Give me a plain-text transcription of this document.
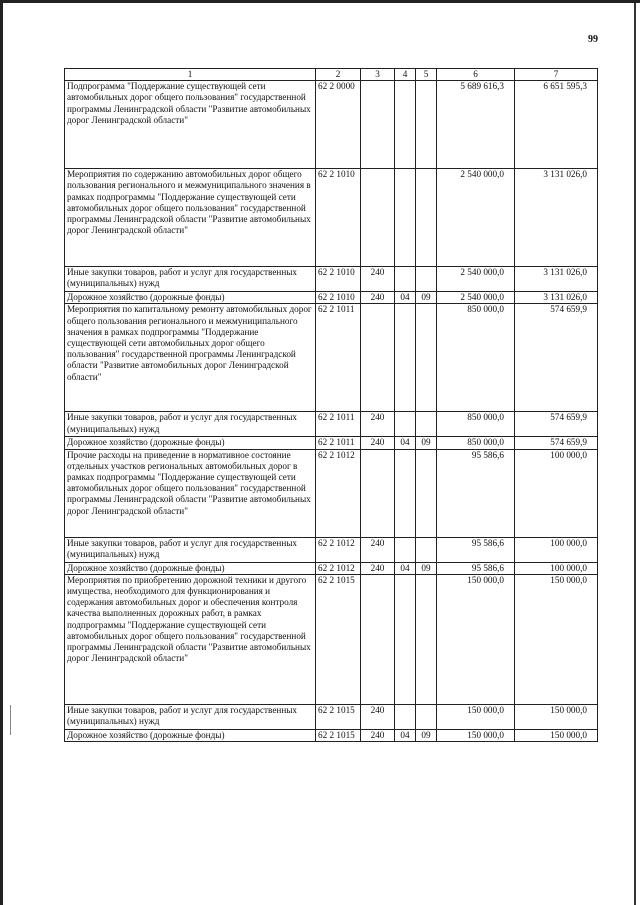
99
1	2	3	4	5	6	7
Подпрограмма "Поддержание существующей сети автомобильных дорог общего пользования" государственной программы Ленинградской области "Развитие автомобильных дорог Ленинградской области"	62 2 0000				5 689 616,3	6 651 595,3
Мероприятия по содержанию автомобильных дорог общего пользования регионального и межмуниципального значения в рамках подпрограммы "Поддержание существующей сети автомобильных дорог общего пользования" государственной программы Ленинградской области "Развитие автомобильных дорог Ленинградской области"	62 2 1010				2 540 000,0	3 131 026,0
Иные закупки товаров, работ и услуг для государственных (муниципальных) нужд	62 2 1010	240			2 540 000,0	3 131 026,0
Дорожное хозяйство (дорожные фонды)	62 2 1010	240	04	09	2 540 000,0	3 131 026,0
Мероприятия по капитальному ремонту автомобильных дорог общего пользования регионального и межмуниципального значения в рамках подпрограммы "Поддержание существующей сети автомобильных дорог общего пользования" государственной программы Ленинградской области "Развитие автомобильных дорог Ленинградской области"	62 2 1011				850 000,0	574 659,9
Иные закупки товаров, работ и услуг для государственных (муниципальных) нужд	62 2 1011	240			850 000,0	574 659,9
Дорожное хозяйство (дорожные фонды)	62 2 1011	240	04	09	850 000,0	574 659,9
Прочие расходы на приведение в нормативное состояние отдельных участков региональных автомобильных дорог в рамках подпрограммы "Поддержание существующей сети автомобильных дорог общего пользования" государственной программы Ленинградской области "Развитие автомобильных дорог Ленинградской области"	62 2 1012				95 586,6	100 000,0
Иные закупки товаров, работ и услуг для государственных (муниципальных) нужд	62 2 1012	240			95 586,6	100 000,0
Дорожное хозяйство (дорожные фонды)	62 2 1012	240	04	09	95 586,6	100 000,0
Мероприятия по приобретению дорожной техники и другого имущества, необходимого для функционирования и содержания автомобильных дорог и обеспечения контроля качества выполненных дорожных работ, в рамках подпрограммы "Поддержание существующей сети автомобильных дорог общего пользования" государственной программы Ленинградской области "Развитие автомобильных дорог Ленинградской области"	62 2 1015				150 000,0	150 000,0
Иные закупки товаров, работ и услуг для государственных (муниципальных) нужд	62 2 1015	240			150 000,0	150 000,0
Дорожное хозяйство (дорожные фонды)	62 2 1015	240	04	09	150 000,0	150 000,0
